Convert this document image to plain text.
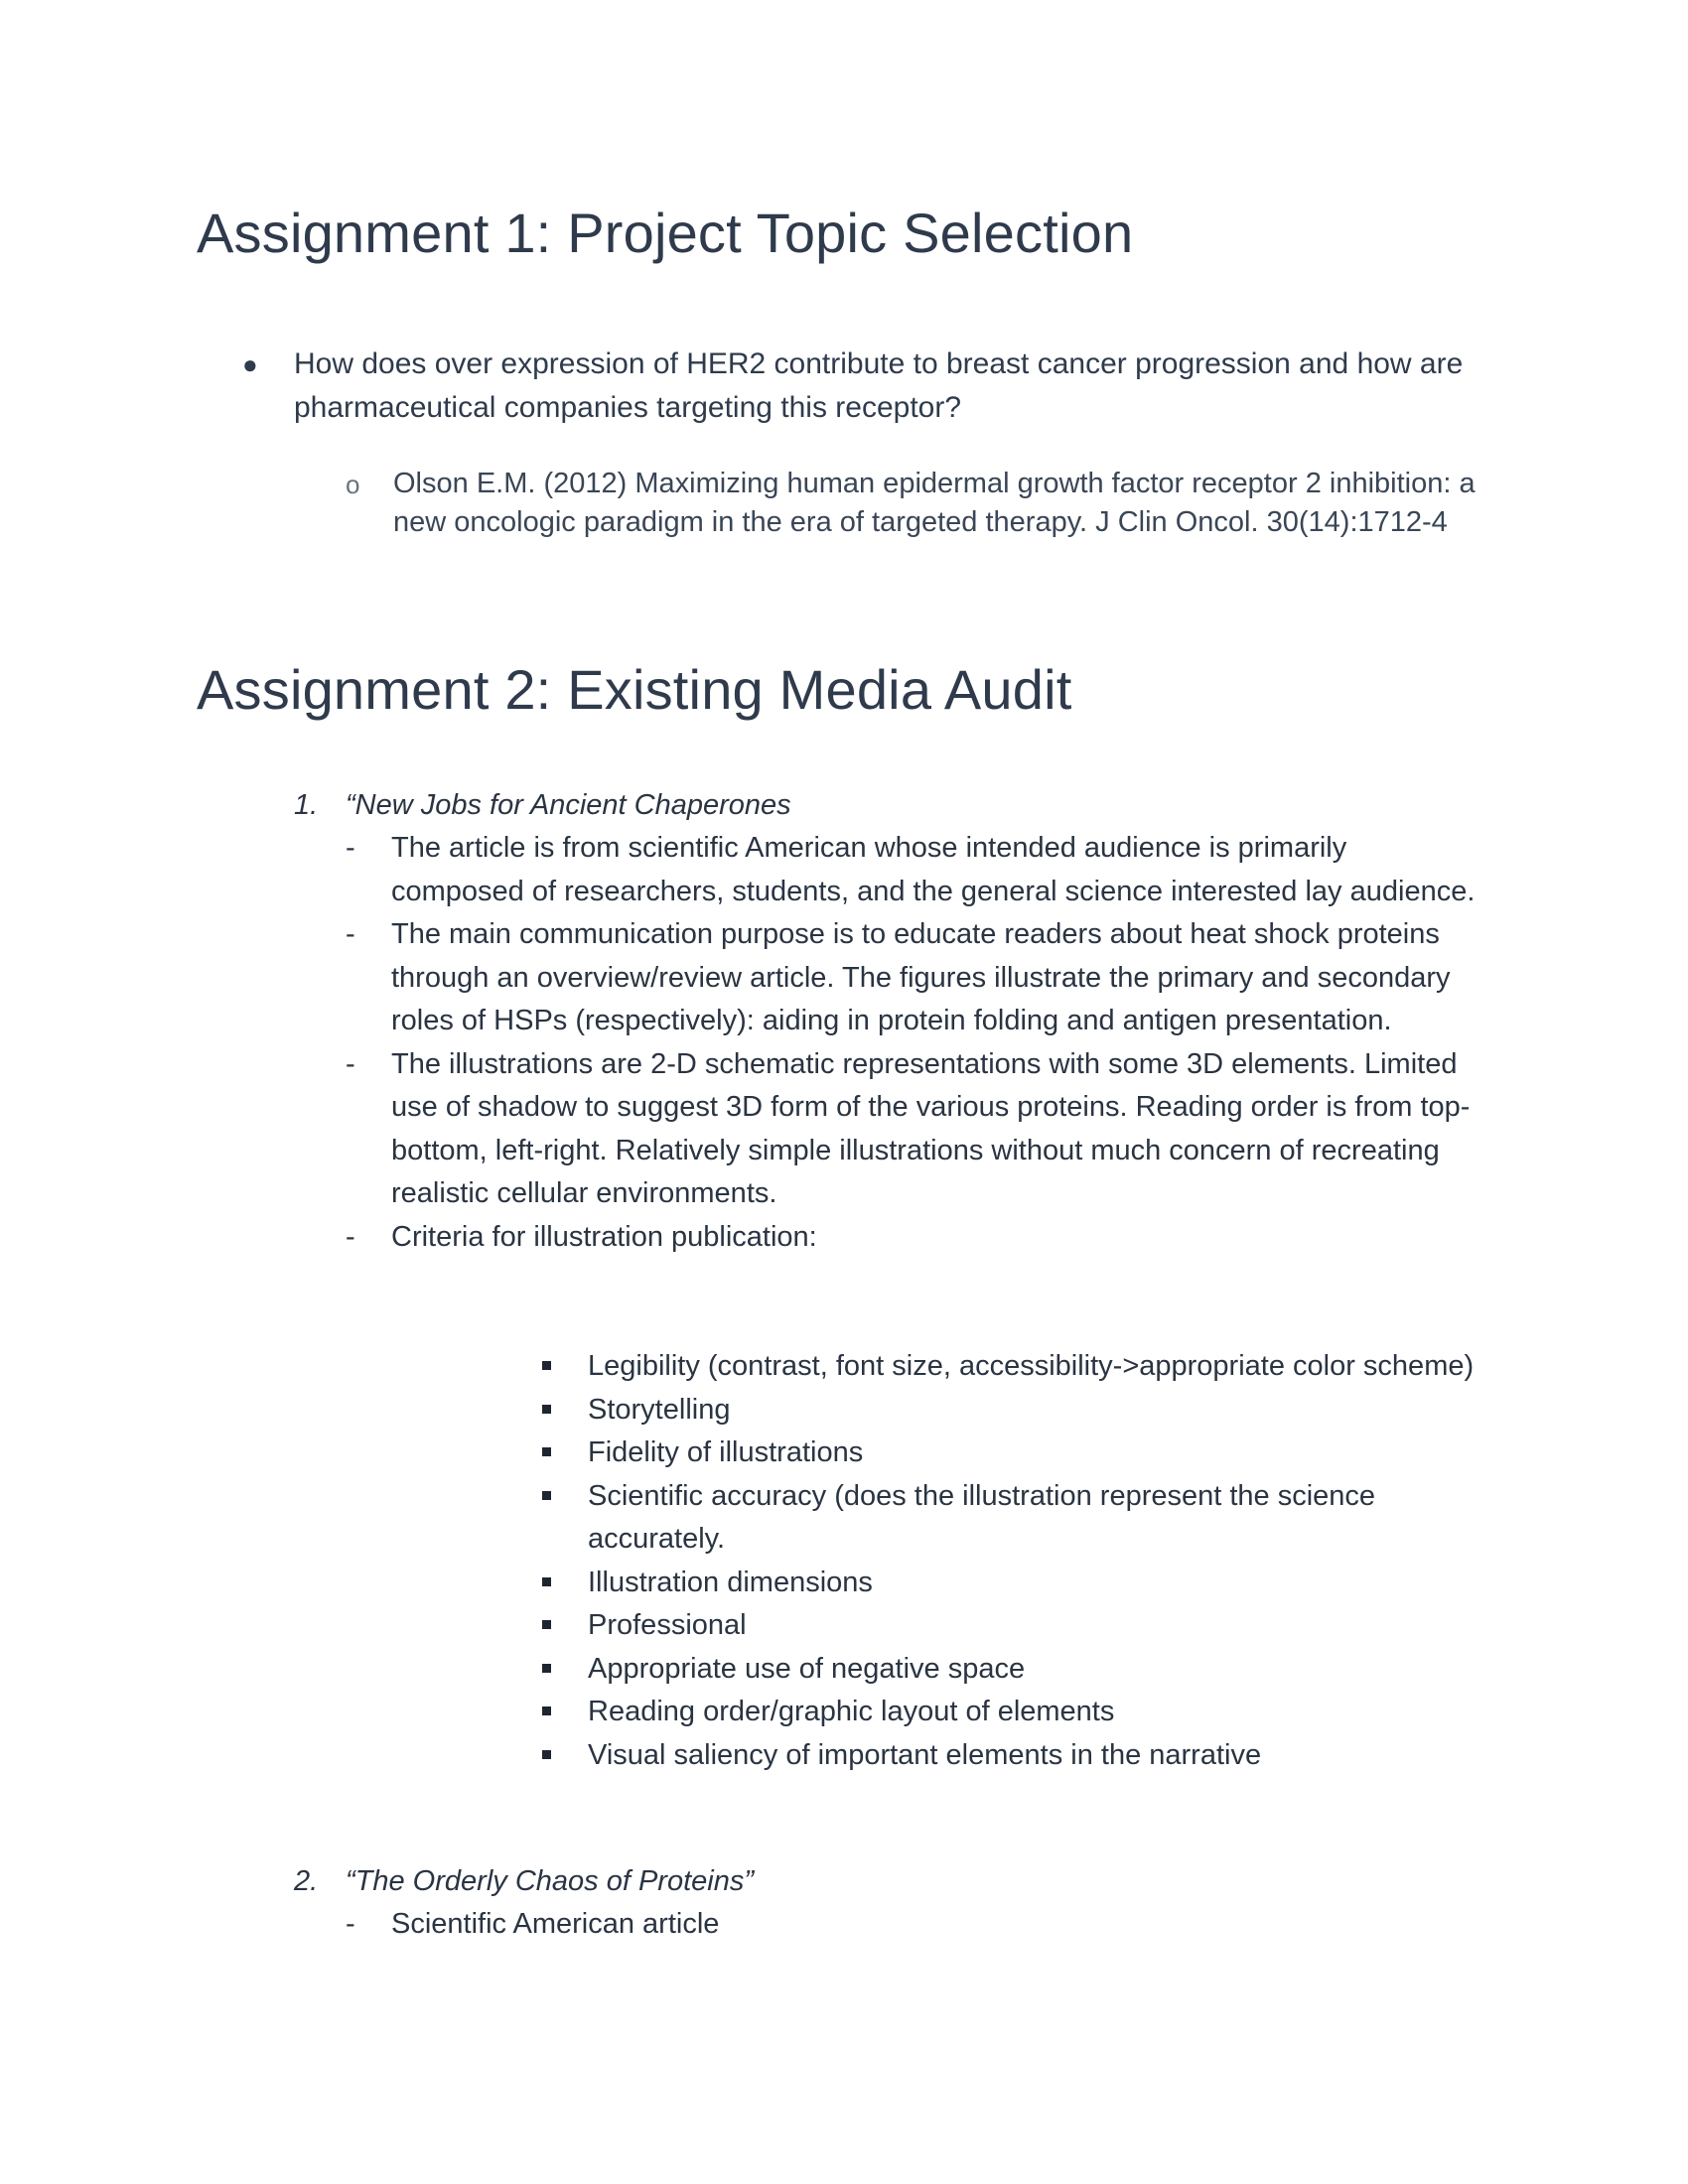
Assignment 1: Project Topic Selection
● How does over expression of HER2 contribute to breast cancer progression and how are pharmaceutical companies targeting this receptor?
o Olson E.M. (2012) Maximizing human epidermal growth factor receptor 2 inhibition: a new oncologic paradigm in the era of targeted therapy. J Clin Oncol. 30(14):1712-4
Assignment 2: Existing Media Audit
1. “New Jobs for Ancient Chaperones
- The article is from scientific American whose intended audience is primarily composed of researchers, students, and the general science interested lay audience.
- The main communication purpose is to educate readers about heat shock proteins through an overview/review article. The figures illustrate the primary and secondary roles of HSPs (respectively): aiding in protein folding and antigen presentation.
- The illustrations are 2-D schematic representations with some 3D elements. Limited use of shadow to suggest 3D form of the various proteins. Reading order is from top- bottom, left-right. Relatively simple illustrations without much concern of recreating realistic cellular environments.
- Criteria for illustration publication:
Legibility (contrast, font size, accessibility->appropriate color scheme)
Storytelling
Fidelity of illustrations
Scientific accuracy (does the illustration represent the science accurately.
Illustration dimensions
Professional
Appropriate use of negative space
Reading order/graphic layout of elements
Visual saliency of important elements in the narrative
2. “The Orderly Chaos of Proteins”
- Scientific American article
